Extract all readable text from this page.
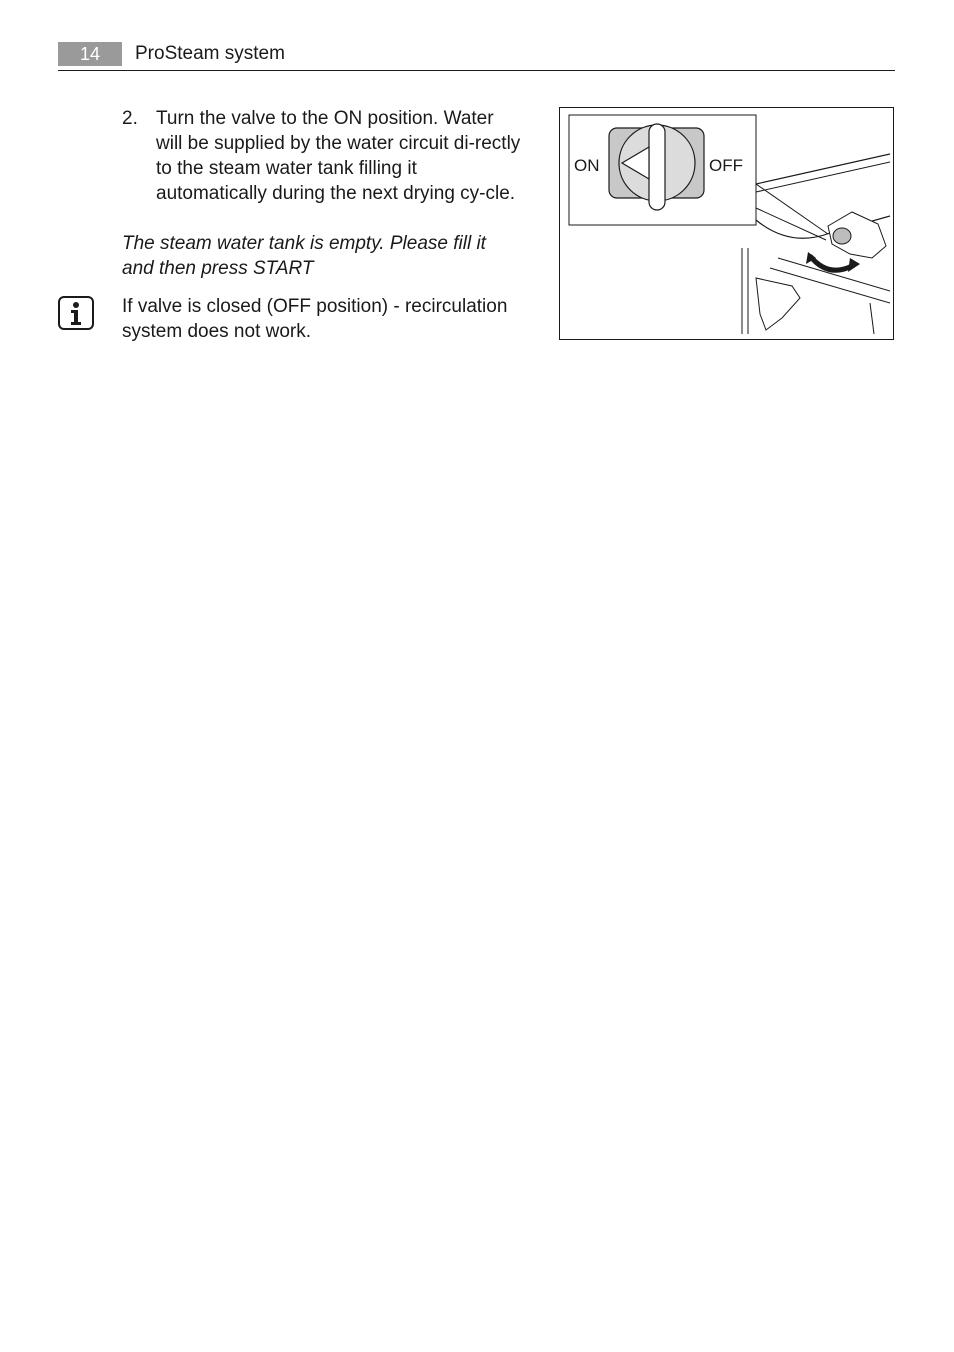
14	ProSteam system
2. Turn the valve to the ON position. Water will be supplied by the water circuit di-rectly to the steam water tank filling it automatically during the next drying cy-cle.
The steam water tank is empty. Please fill it and then press START
If valve is closed (OFF position) - recirculation system does not work.
ON	OFF
